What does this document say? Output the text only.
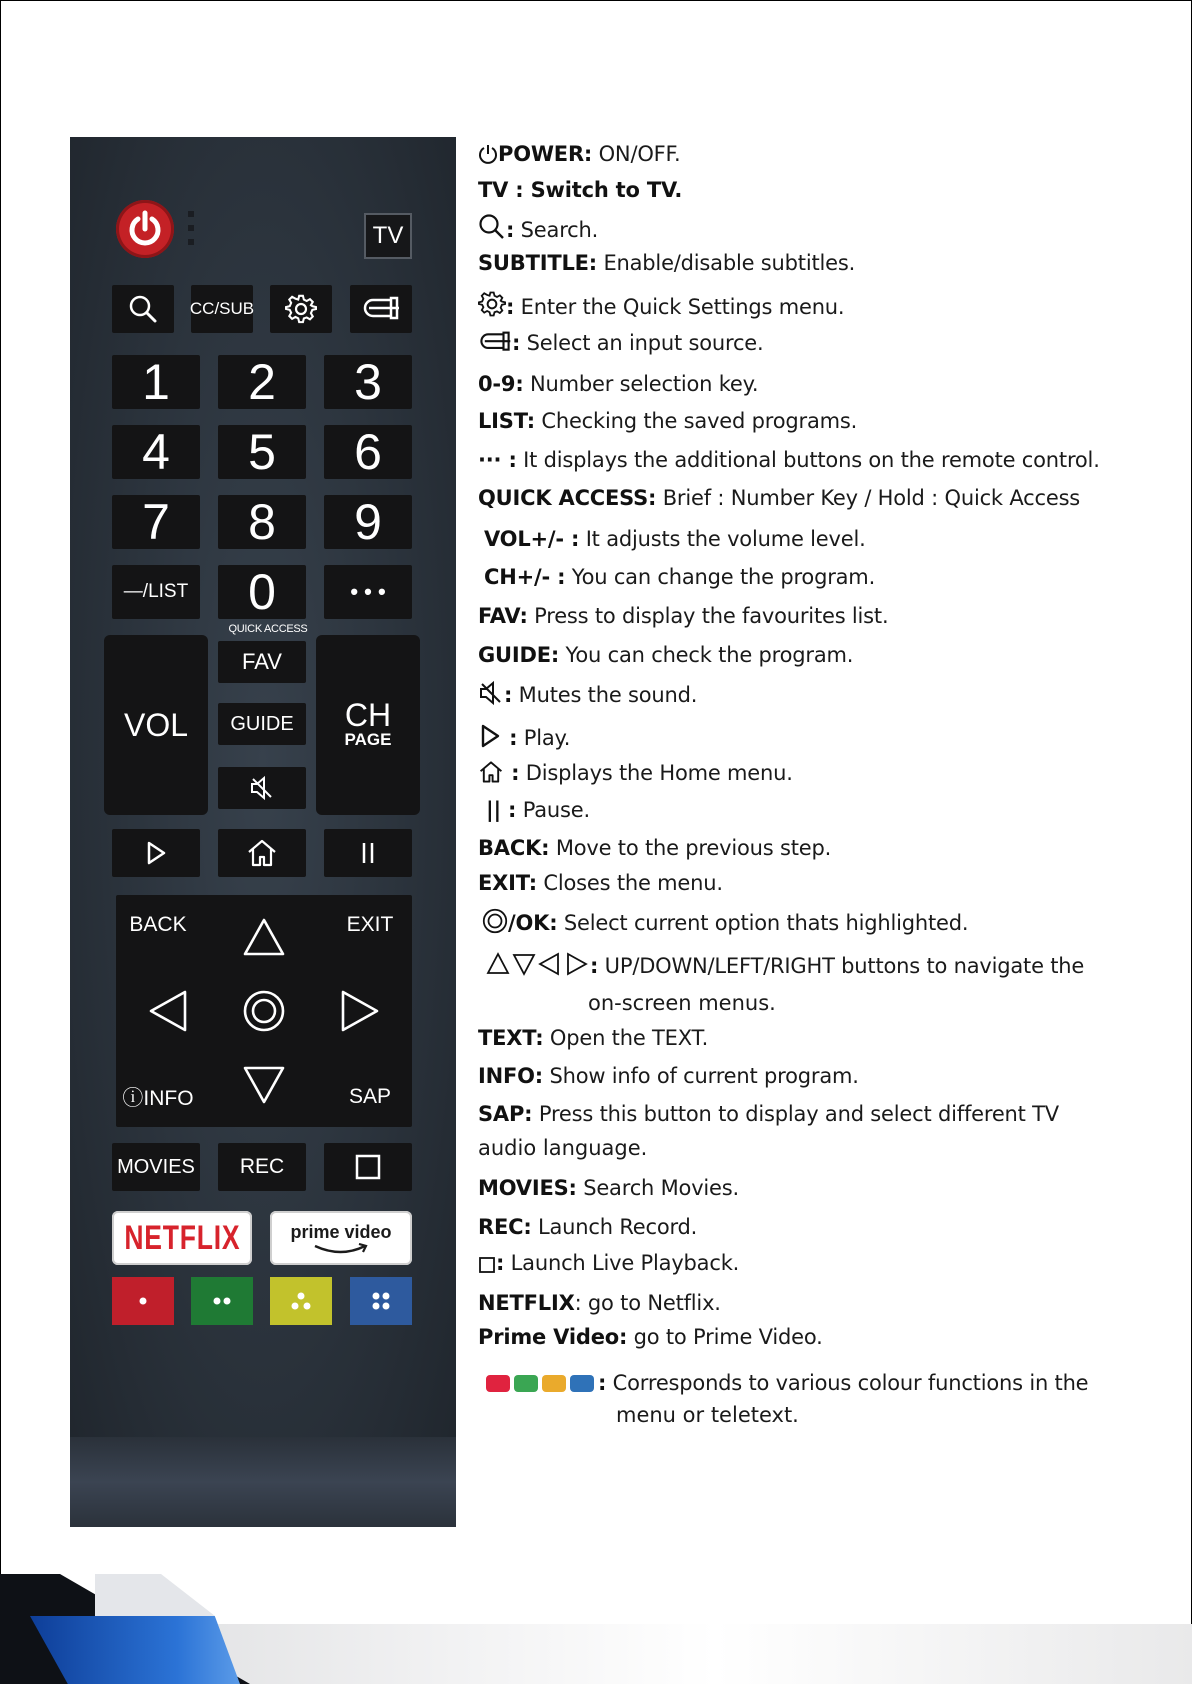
TV
CC/SUB
1	2	3
4	5	6
7	8	9
—/LIST	0	• • •
QUICK ACCESS
VOL
FAV
GUIDE	CH
PAGE
BACK	EXIT
ⓘINFO	SAP
MOVIES	REC
NETFLIX	prime video
POWER: ON/OFF.
TV : Switch to TV.
: Search.
SUBTITLE: Enable/disable subtitles.
: Enter the Quick Settings menu.
: Select an input source.
0-9: Number selection key.
LIST: Checking the saved programs.
··· : It displays the additional buttons on the remote control.
QUICK ACCESS: Brief : Number Key / Hold : Quick Access
VOL+/- : It adjusts the volume level.
CH+/- : You can change the program.
FAV: Press to display the favourites list.
GUIDE: You can check the program.
: Mutes the sound.
: Play.
: Displays the Home menu.
|| : Pause.
BACK: Move to the previous step.
EXIT: Closes the menu.
/OK: Select current option thats highlighted.
: UP/DOWN/LEFT/RIGHT buttons to navigate the
on-screen menus.
TEXT: Open the TEXT.
INFO: Show info of current program.
SAP: Press this button to display and select different TV
audio language.
MOVIES: Search Movies.
REC: Launch Record.
: Launch Live Playback.
NETFLIX: go to Netflix.
Prime Video: go to Prime Video.
: Corresponds to various colour functions in the
menu or teletext.
